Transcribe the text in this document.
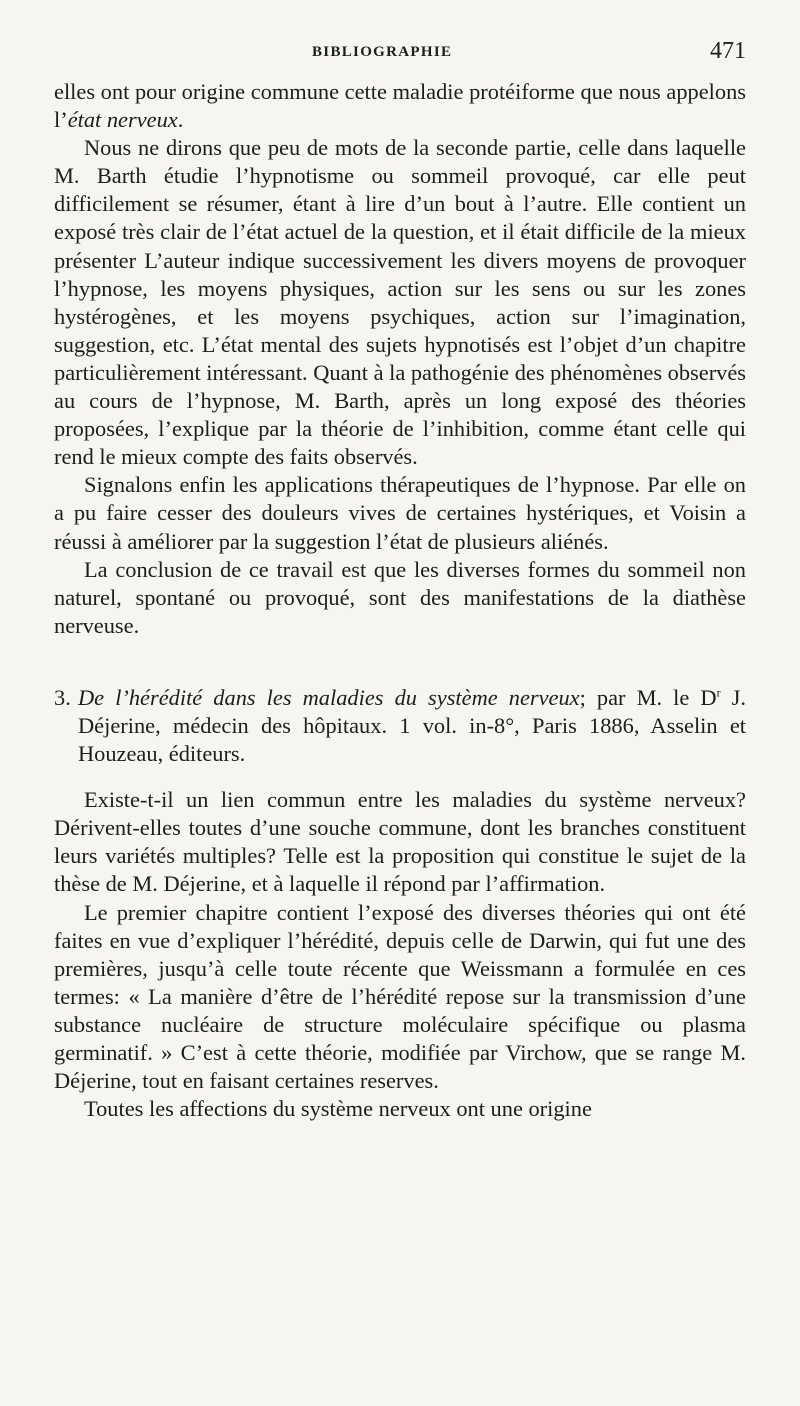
BIBLIOGRAPHIE	471

elles ont pour origine commune cette maladie protéiforme que nous appelons l’état nerveux.

Nous ne dirons que peu de mots de la seconde partie, celle dans laquelle M. Barth étudie l’hypnotisme ou sommeil provoqué, car elle peut difficilement se résumer, étant à lire d’un bout à l’autre. Elle contient un exposé très clair de l’état actuel de la question, et il était difficile de la mieux présenter L’auteur indique successivement les divers moyens de provoquer l’hypnose, les moyens physiques, action sur les sens ou sur les zones hystérogènes, et les moyens psychiques, action sur l’imagination, suggestion, etc. L’état mental des sujets hypnotisés est l’objet d’un chapitre particulièrement intéressant. Quant à la pathogénie des phénomènes observés au cours de l’hypnose, M. Barth, après un long exposé des théories proposées, l’explique par la théorie de l’inhibition, comme étant celle qui rend le mieux compte des faits observés.

Signalons enfin les applications thérapeutiques de l’hypnose. Par elle on a pu faire cesser des douleurs vives de certaines hystériques, et Voisin a réussi à améliorer par la suggestion l’état de plusieurs aliénés.

La conclusion de ce travail est que les diverses formes du sommeil non naturel, spontané ou provoqué, sont des manifestations de la diathèse nerveuse.

3. De l’hérédité dans les maladies du système nerveux; par M. le $D^r$ J. Déjerine, médecin des hôpitaux. 1 vol. in-8°, Paris 1886, Asselin et Houzeau, éditeurs.

Existe-t-il un lien commun entre les maladies du système nerveux? Dérivent-elles toutes d’une souche commune, dont les branches constituent leurs variétés multiples? Telle est la proposition qui constitue le sujet de la thèse de M. Déjerine, et à laquelle il répond par l’affirmation.

Le premier chapitre contient l’exposé des diverses théories qui ont été faites en vue d’expliquer l’hérédité, depuis celle de Darwin, qui fut une des premières, jusqu’à celle toute récente que Weissmann a formulée en ces termes: « La manière d’être de l’hérédité repose sur la transmission d’une substance nucléaire de structure moléculaire spécifique ou plasma germinatif. » C’est à cette théorie, modifiée par Virchow, que se range M. Déjerine, tout en faisant certaines reserves.

Toutes les affections du système nerveux ont une origine
